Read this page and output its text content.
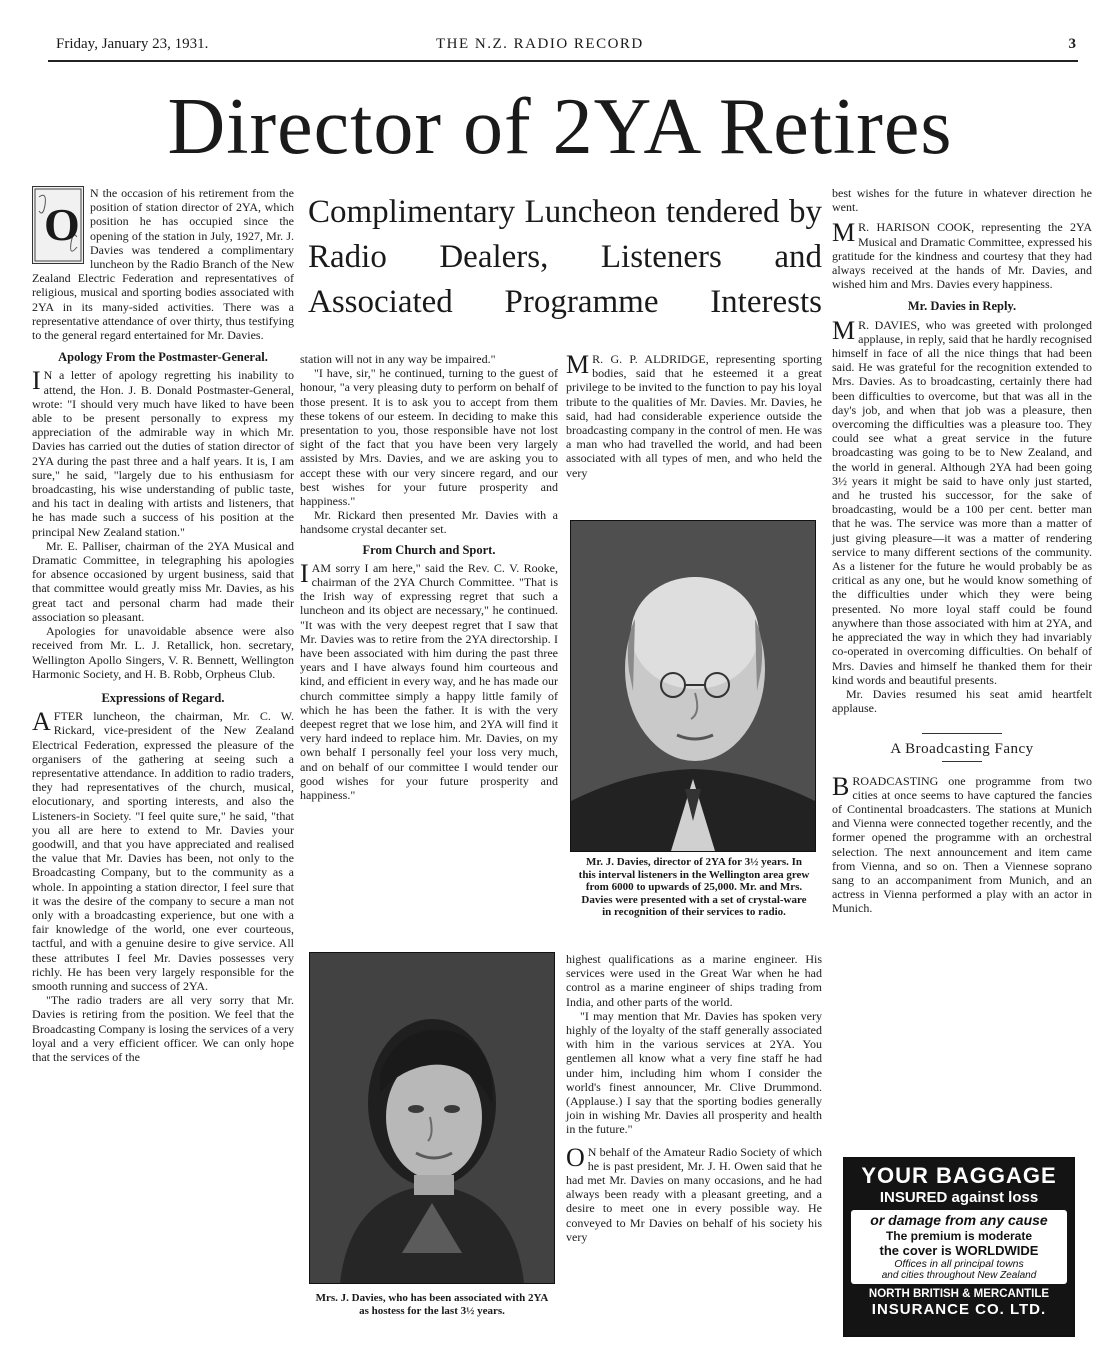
Friday, January 23, 1931.	THE N.Z. RADIO RECORD	3
Director of 2YA Retires
Complimentary Luncheon tendered by Radio Dealers, Listeners and Associated Programme Interests

O
N the occasion of his retirement from the position of station director of 2YA, which position he has occupied since the opening of the station in July, 1927, Mr. J. Davies was tendered a complimentary luncheon by the Radio Branch of the New Zealand Electric Federation and representatives of religious, musical and sporting bodies associated with 2YA in its many-sided activities. There was a representative attendance of over thirty, thus testifying to the general regard entertained for Mr. Davies.

Apology From the Postmaster-General.

I N a letter of apology regretting his inability to attend, the Hon. J. B. Donald Postmaster-General, wrote: "I should very much have liked to have been able to be present personally to express my appreciation of the admirable way in which Mr. Davies has carried out the duties of station director of 2YA during the past three and a half years. It is, I am sure," he said, "largely due to his enthusiasm for broadcasting, his wise understanding of public taste, and his tact in dealing with artists and listeners, that he has made such a success of his position at the principal New Zealand station."

Mr. E. Palliser, chairman of the 2YA Musical and Dramatic Committee, in telegraphing his apologies for absence occasioned by urgent business, said that that committee would greatly miss Mr. Davies, as his great tact and personal charm had made their association so pleasant.

Apologies for unavoidable absence were also received from Mr. L. J. Retallick, hon. secretary, Wellington Apollo Singers, V. R. Bennett, Wellington Harmonic Society, and H. B. Robb, Orpheus Club.

Expressions of Regard.

AFTER luncheon, the chairman, Mr. C. W. Rickard, vice-president of the New Zealand Electrical Federation, expressed the pleasure of the organisers of the gathering at seeing such a representative attendance. In addition to radio traders, they had representatives of the church, musical, elocutionary, and sporting interests, and also the Listeners-in Society. "I feel quite sure," he said, "that you all are here to extend to Mr. Davies your goodwill, and that you have appreciated and realised the value that Mr. Davies has been, not only to the Broadcasting Company, but to the community as a whole. In appointing a station director, I feel sure that it was the desire of the company to secure a man not only with a broadcasting experience, but one with a fair knowledge of the world, one ever courteous, tactful, and with a genuine desire to give service. All these attributes I feel Mr. Davies possesses very richly. He has been very largely responsible for the smooth running and success of 2YA.

"The radio traders are all very sorry that Mr. Davies is retiring from the position. We feel that the Broadcasting Company is losing the services of a very loyal and a very efficient officer. We can only hope that the services of the

station will not in any way be impaired."

"I have, sir," he continued, turning to the guest of honour, "a very pleasing duty to perform on behalf of those present. It is to ask you to accept from them these tokens of our esteem. In deciding to make this presentation to you, those responsible have not lost sight of the fact that you have been very largely assisted by Mrs. Davies, and we are asking you to accept these with our very sincere regard, and our best wishes for your future prosperity and happiness."

Mr. Rickard then presented Mr. Davies with a handsome crystal decanter set.

From Church and Sport.

IAM sorry I am here," said the Rev. C. V. Rooke, chairman of the 2YA Church Committee. "That is the Irish way of expressing regret that such a luncheon and its object are necessary," he continued. "It was with the very deepest regret that I saw that Mr. Davies was to retire from the 2YA directorship. I have been associated with him during the past three years and I have always found him courteous and kind, and efficient in every way, and he has made our church committee simply a happy little family of which he has been the father. It is with the very deepest regret that we lose him, and 2YA will find it very hard indeed to replace him. Mr. Davies, on my own behalf I personally feel your loss very much, and on behalf of our committee I would tender our good wishes for your future prosperity and happiness."

Mrs. J. Davies, who has been associated with 2YA as hostess for the last 3½ years.

M R. G. P. ALDRIDGE, representing sporting bodies, said that he esteemed it a great privilege to be invited to the function to pay his loyal tribute to the qualities of Mr. Davies. Mr. Davies, he said, had had considerable experience outside the broadcasting company in the control of men. He was a man who had travelled the world, and had been associated with all types of men, and who held the very

Mr. J. Davies, director of 2YA for 3½ years. In this interval listeners in the Wellington area grew from 6000 to upwards of 25,000. Mr. and Mrs. Davies were presented with a set of crystal-ware in recognition of their services to radio.

highest qualifications as a marine engineer. His services were used in the Great War when he had control as a marine engineer of ships trading from India, and other parts of the world.

"I may mention that Mr. Davies has spoken very highly of the loyalty of the staff generally associated with him in the various services at 2YA. You gentlemen all know what a very fine staff he had under him, including him whom I consider the world's finest announcer, Mr. Clive Drummond. (Applause.) I say that the sporting bodies generally join in wishing Mr. Davies all prosperity and health in the future."

O N behalf of the Amateur Radio Society of which he is past president, Mr. J. H. Owen said that he had met Mr. Davies on many occasions, and he had always been ready with a pleasant greeting, and a desire to meet one in every possible way. He conveyed to Mr Davies on behalf of his society his very

best wishes for the future in whatever direction he went.

M R. HARISON COOK, representing the 2YA Musical and Dramatic Committee, expressed his gratitude for the kindness and courtesy that they had always received at the hands of Mr. Davies, and wished him and Mrs. Davies every happiness.

Mr. Davies in Reply.

M R. DAVIES, who was greeted with prolonged applause, in reply, said that he hardly recognised himself in face of all the nice things that had been said. He was grateful for the recognition extended to Mrs. Davies. As to broadcasting, certainly there had been difficulties to overcome, but that was all in the day's job, and when that job was a pleasure, then overcoming the difficulties was a pleasure too. They could see what a great service in the future broadcasting was going to be to New Zealand, and the world in general. Although 2YA had been going 3½ years it might be said to have only just started, and he trusted his successor, for the sake of broadcasting, would be a 100 per cent. better man that he was. The service was more than a matter of just giving pleasure—it was a matter of rendering service to many different sections of the community. As a listener for the future he would probably be as critical as any one, but he would know something of the difficulties under which they were being presented. No more loyal staff could be found anywhere than those associated with him at 2YA, and he appreciated the way in which they had invariably co-operated in overcoming difficulties. On behalf of Mrs. Davies and himself he thanked them for their kind words and beautiful presents.

Mr. Davies resumed his seat amid heartfelt applause.

A Broadcasting Fancy

BROADCASTING one programme from two cities at once seems to have captured the fancies of Continental broadcasters. The stations at Munich and Vienna were connected together recently, and the former opened the programme with an orchestral selection. The next announcement and item came from Vienna, and so on. Then a Viennese soprano sang to an accompaniment from Munich, and an actress in Vienna performed a play with an actor in Munich.

YOUR BAGGAGE
INSURED against loss
or damage from any cause
The premium is moderate
the cover is WORLDWIDE
Offices in all principal towns
and cities throughout New Zealand
NORTH BRITISH & MERCANTILE
INSURANCE CO. LTD.
